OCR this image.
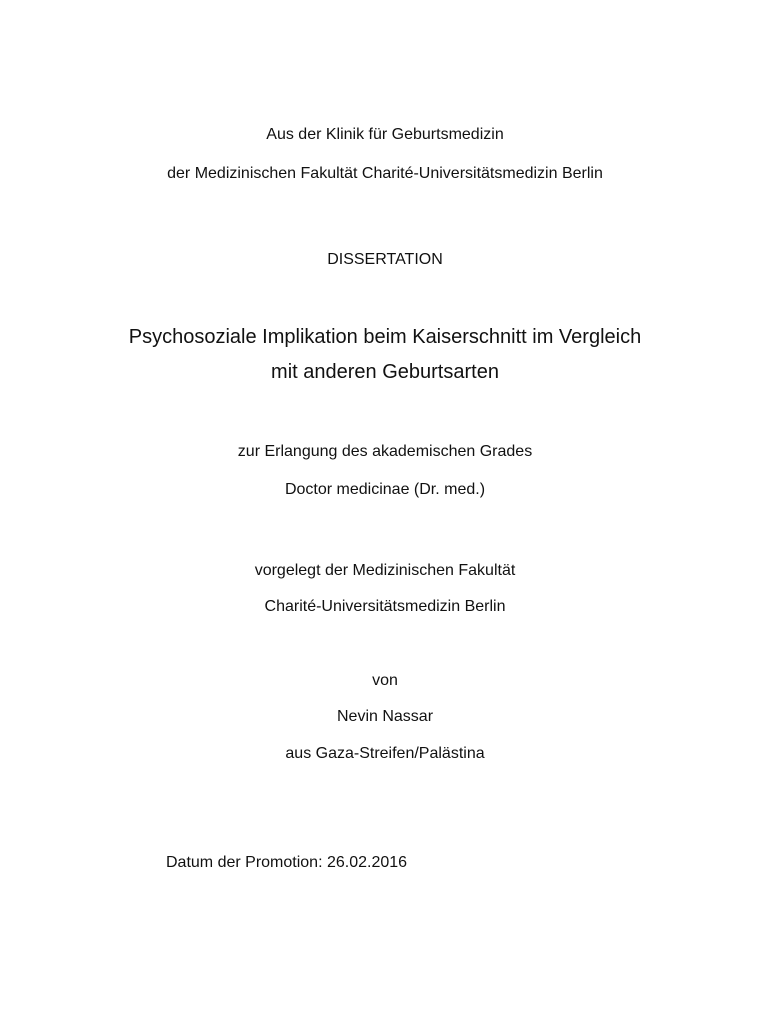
Aus der Klinik für Geburtsmedizin

der Medizinischen Fakultät Charité-Universitätsmedizin Berlin

DISSERTATION

Psychosoziale Implikation beim Kaiserschnitt im Vergleich
mit anderen Geburtsarten

zur Erlangung des akademischen Grades

Doctor medicinae (Dr. med.)

vorgelegt der Medizinischen Fakultät

Charité-Universitätsmedizin Berlin

von

Nevin Nassar

aus Gaza-Streifen/Palästina

Datum der Promotion: 26.02.2016
